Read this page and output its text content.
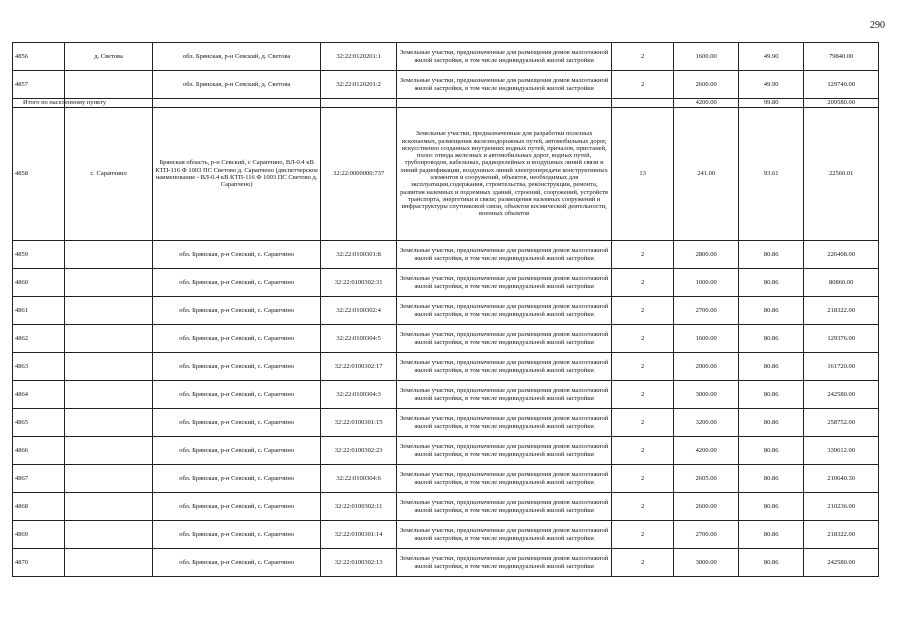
290
4856	д. Светова	обл. Брянская, р-н Севский, д. Светова	32:22:0120201:1	Земельные участки, предназначенные для размещения домов малоэтажной жилой застройки, в том числе индивидуальной жилой застройки	2	1600.00	49.90	79840.00
4857		обл. Брянская, р-н Севский, д. Светова	32:22:0120201:2	Земельные участки, предназначенные для размещения домов малоэтажной жилой застройки, в том числе индивидуальной жилой застройки	2	2600.00	49.90	129740.00
	Итого по населенному пункту					4200.00	99.80	209580.00
4858	с. Сарапчино	Брянская область, р-н Севский, с Сарапчино, ВЛ-0.4 кВ КТП-116 Ф 1003 ПС Светово д. Сарапчено (диспетчерское наименование - ВЛ-0.4 кВ КТП-116 Ф 1003 ПС Светово д. Сарапчено)	32:22:0000000:737	Земельные участки, предназначенные для разработки полезных ископаемых, размещения железнодорожных путей, автомобильных дорог, искусственно созданных внутренних водных путей, причалов, пристаней, полос отвода железных и автомобильных дорог, водных путей, трубопроводов, кабельных, радиорелейных и воздушных линий связи и линий радиофикации, воздушных линий электропередачи конструктивных элементов и сооружений, объектов, необходимых для эксплуатации,содержания, строительства, реконструкции, ремонта, развития наземных и подземных зданий, строений, сооружений, устройств транспорта, энергетики и связи; размещения наземных сооружений и инфраструктуры спутниковой связи, объектов космической деятельности, военных объектов	13	241.00	93.61	22560.01
4859		обл. Брянская, р-н Севский, с. Сарапчино	32:22:0100301:8	Земельные участки, предназначенные для размещения домов малоэтажной жилой застройки, в том числе индивидуальной жилой застройки	2	2800.00	80.86	226408.00
4860		обл. Брянская, р-н Севский, с. Сарапчино	32:22:0100302:31	Земельные участки, предназначенные для размещения домов малоэтажной жилой застройки, в том числе индивидуальной жилой застройки	2	1000.00	80.86	80860.00
4861		обл. Брянская, р-н Севский, с. Сарапчино	32:22:0100302:4	Земельные участки, предназначенные для размещения домов малоэтажной жилой застройки, в том числе индивидуальной жилой застройки	2	2700.00	80.86	218322.00
4862		обл. Брянская, р-н Севский, с. Сарапчино	32:22:0100304:5	Земельные участки, предназначенные для размещения домов малоэтажной жилой застройки, в том числе индивидуальной жилой застройки	2	1600.00	80.86	129376.00
4863		обл. Брянская, р-н Севский, с. Сарапчино	32:22:0100302:17	Земельные участки, предназначенные для размещения домов малоэтажной жилой застройки, в том числе индивидуальной жилой застройки	2	2000.00	80.86	161720.00
4864		обл. Брянская, р-н Севский, с. Сарапчино	32:22:0100304:3	Земельные участки, предназначенные для размещения домов малоэтажной жилой застройки, в том числе индивидуальной жилой застройки	2	3000.00	80.86	242580.00
4865		обл. Брянская, р-н Севский, с. Сарапчино	32:22:0100301:15	Земельные участки, предназначенные для размещения домов малоэтажной жилой застройки, в том числе индивидуальной жилой застройки	2	3200.00	80.86	258752.00
4866		обл. Брянская, р-н Севский, с. Сарапчино	32:22:0100302:23	Земельные участки, предназначенные для размещения домов малоэтажной жилой застройки, в том числе индивидуальной жилой застройки	2	4200.00	80.86	339612.00
4867		обл. Брянская, р-н Севский, с. Сарапчино	32:22:0100304:6	Земельные участки, предназначенные для размещения домов малоэтажной жилой застройки, в том числе индивидуальной жилой застройки	2	2605.00	80.86	210640.30
4868		обл. Брянская, р-н Севский, с. Сарапчино	32:22:0100302:11	Земельные участки, предназначенные для размещения домов малоэтажной жилой застройки, в том числе индивидуальной жилой застройки	2	2600.00	80.86	210236.00
4869		обл. Брянская, р-н Севский, с. Сарапчино	32:22:0100301:14	Земельные участки, предназначенные для размещения домов малоэтажной жилой застройки, в том числе индивидуальной жилой застройки	2	2700.00	80.86	218322.00
4870		обл. Брянская, р-н Севский, с. Сарапчино	32:22:0100302:13	Земельные участки, предназначенные для размещения домов малоэтажной жилой застройки, в том числе индивидуальной жилой застройки	2	3000.00	80.86	242580.00
